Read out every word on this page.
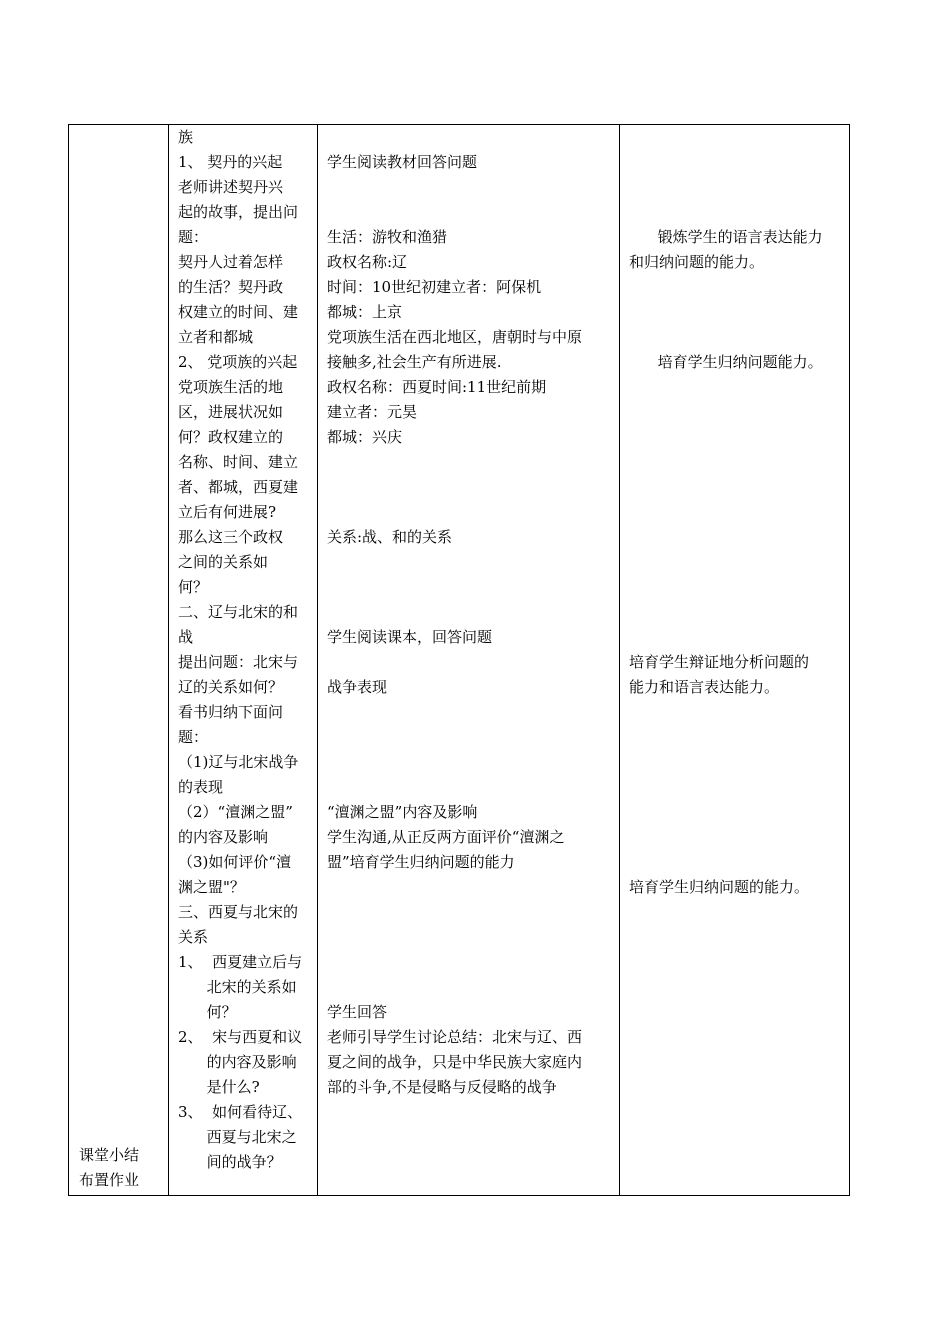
课堂小结
布置作业
族
1、 契丹的兴起
老师讲述契丹兴
起的故事，提出问
题：
契丹人过着怎样
的生活？契丹政
权建立的时间、建
立者和都城
2、 党项族的兴起
党项族生活的地
区，进展状况如
何？政权建立的
名称、时间、建立
者、都城，西夏建
立后有何进展?
那么这三个政权
之间的关系如
何？
二、辽与北宋的和
战
提出问题：北宋与
辽的关系如何？
看书归纳下面问
题：
（1)辽与北宋战争
的表现
（2）“澶渊之盟”
的内容及影响
（3)如何评价“澶
渊之盟"？
三、西夏与北宋的
关系
1、  西夏建立后与
北宋的关系如
何？
2、  宋与西夏和议
的内容及影响
是什么?
3、  如何看待辽、
西夏与北宋之
间的战争？
学生阅读教材回答问题
生活：游牧和渔猎
政权名称:辽
时间：10世纪初建立者：阿保机
都城：上京
党项族生活在西北地区，唐朝时与中原
接触多,社会生产有所进展.
政权名称：西夏时间:11世纪前期
建立者：元昊
都城：兴庆
关系:战、和的关系
学生阅读课本，回答问题
战争表现
“澶渊之盟”内容及影响
学生沟通,从正反两方面评价“澶渊之
盟”培育学生归纳问题的能力
学生回答
老师引导学生讨论总结：北宋与辽、西
夏之间的战争，只是中华民族大家庭内
部的斗争,不是侵略与反侵略的战争
锻炼学生的语言表达能力
和归纳问题的能力。
培育学生归纳问题能力。
培育学生辩证地分析问题的
能力和语言表达能力。
培育学生归纳问题的能力。
